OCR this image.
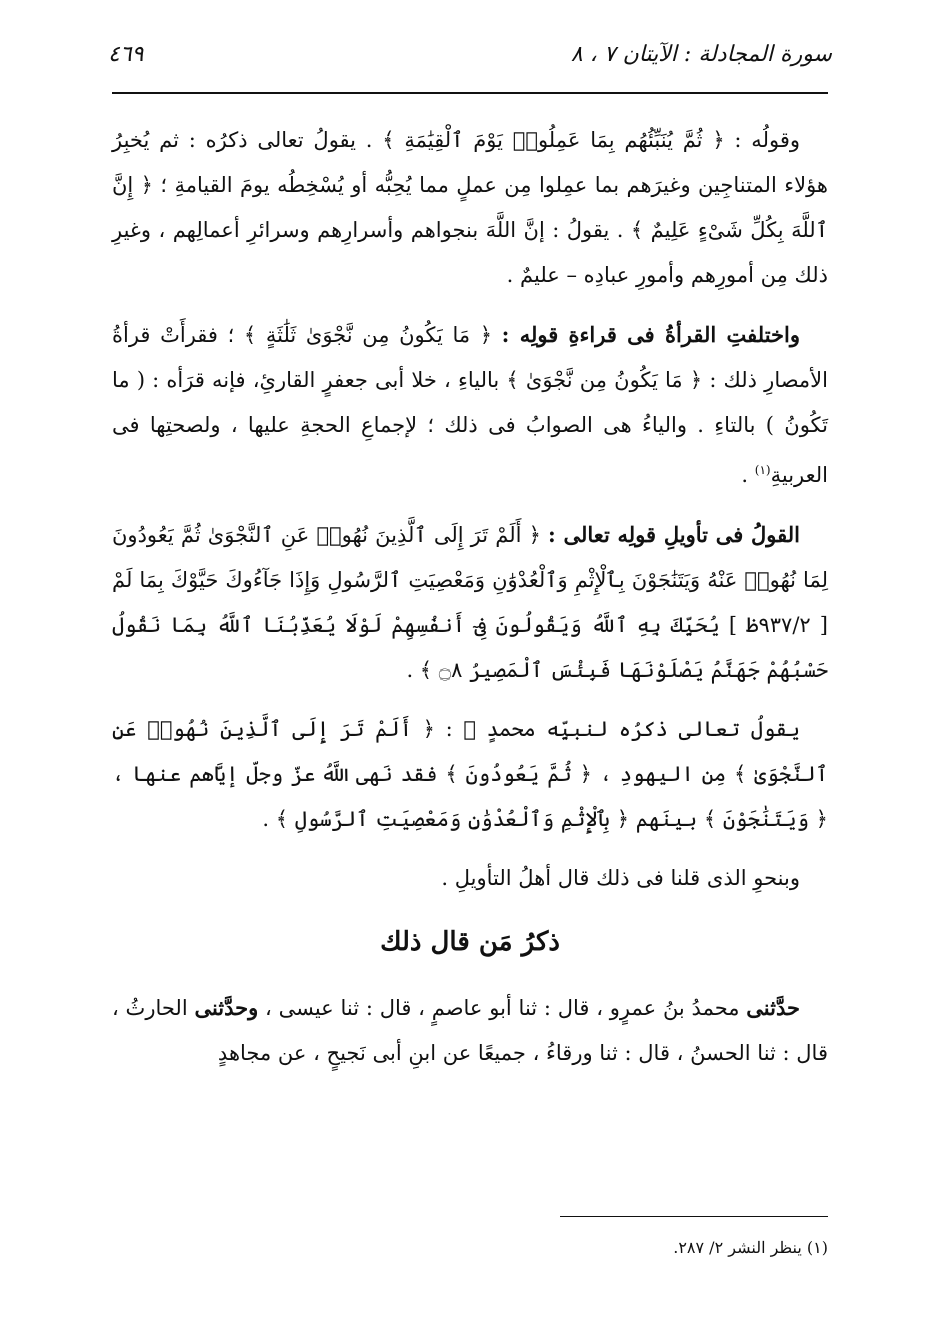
سورة المجادلة : الآيتان ٧ ، ٨
٤٦٩

وقولُه : ﴿ ثُمَّ يُنَبِّئُهُم بِمَا عَمِلُوا۟ يَوْمَ ٱلْقِيَٰمَةِ ﴾ . يقولُ تعالى ذكرُه : ثم يُخبِرُ هؤلاء المتناجِين وغيرَهم بما عمِلوا مِن عملٍ مما يُحِبُّه أو يُسْخِطُه يومَ القيامةِ ؛ ﴿ إِنَّ ٱللَّهَ بِكُلِّ شَىْءٍ عَلِيمٌ ﴾ . يقولُ : إنَّ اللَّهَ بنجواهم وأسرارِهم وسرائرِ أعمالِهم ، وغيرِ ذلك مِن أمورِهم وأمورِ عبادِه – عليمٌ .

واختلفتِ القرأةُ فى قراءةِ قولِه : ﴿ مَا يَكُونُ مِن نَّجْوَىٰ ثَلَٰثَةٍ ﴾ ؛ فقرأَتْ قرأةُ الأمصارِ ذلك : ﴿ مَا يَكُونُ مِن نَّجْوَىٰ ﴾ بالياءِ ، خلا أبى جعفرٍ القارئِ، فإنه قرَأه : ( ما تَكُونُ ) بالتاءِ . والياءُ هى الصوابُ فى ذلك ؛ لإجماعِ الحجةِ عليها ، ولصحتِها فى العربيةِ$^{(١)}$ .

القولُ فى تأويلِ قولِه تعالى : ﴿ أَلَمْ تَرَ إِلَى ٱلَّذِينَ نُهُوا۟ عَنِ ٱلنَّجْوَىٰ ثُمَّ يَعُودُونَ لِمَا نُهُوا۟ عَنْهُ وَيَتَنَٰجَوْنَ بِٱلْإِثْمِ وَٱلْعُدْوَٰنِ وَمَعْصِيَتِ ٱلرَّسُولِ وَإِذَا جَآءُوكَ حَيَّوْكَ بِمَا لَمْ [ ٩٣٧/٢ظ ] يُحَيِّكَ بِهِ ٱللَّهُ وَيَقُولُونَ فِىٓ أَنفُسِهِمْ لَوْلَا يُعَذِّبُنَا ٱللَّهُ بِمَا نَقُولُ حَسْبُهُمْ جَهَنَّمُ يَصْلَوْنَهَا فَبِئْسَ ٱلْمَصِيرُ ۝٨ ﴾ .

يقولُ تعالى ذكرُه لنبيِّه محمدٍ ﷺ : ﴿ أَلَمْ تَرَ إِلَى ٱلَّذِينَ نُهُوا۟ عَنِ ٱلنَّجْوَىٰ ﴾ مِن اليهودِ ، ﴿ ثُمَّ يَعُودُونَ ﴾ فقد نَهى اللَّهُ عزّ وجلّ إيَّاهم عنها ، ﴿ وَيَتَنَٰجَوْنَ ﴾ بينَهم ﴿ بِٱلْإِثْمِ وَٱلْعُدْوَٰنِ وَمَعْصِيَتِ ٱلرَّسُولِ ﴾ .

وبنحوِ الذى قلنا فى ذلك قال أهلُ التأويلِ .

ذكرُ مَن قال ذلك

حدَّثنى محمدُ بنُ عمرٍو ، قال : ثنا أبو عاصمٍ ، قال : ثنا عيسى ، وحدَّثنى الحارثُ ، قال : ثنا الحسنُ ، قال : ثنا ورقاءُ ، جميعًا عن ابنِ أبى نَجيحٍ ، عن مجاهدٍ

(١) ينظر النشر ٢/ ٢٨٧.
